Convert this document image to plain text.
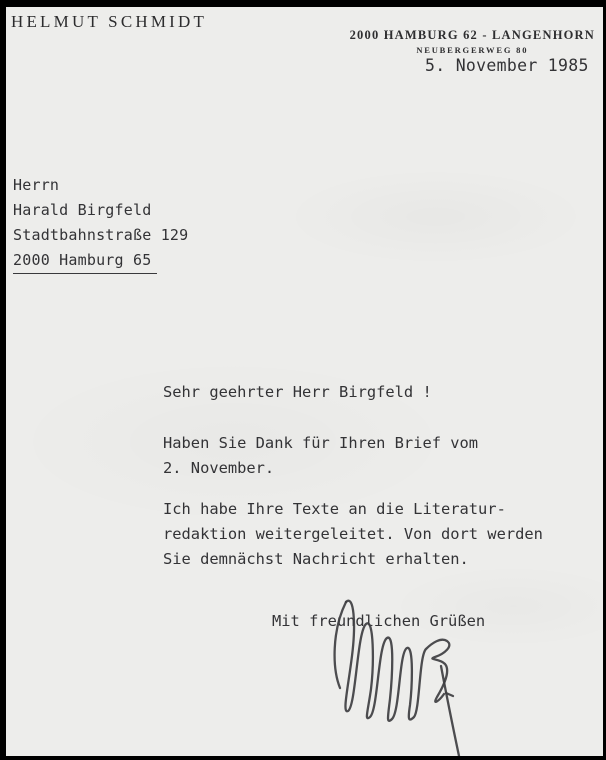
HELMUT SCHMIDT
2000 HAMBURG 62 - LANGENHORN
NEUBERGERWEG 80
5. November 1985
Herrn
Harald Birgfeld
Stadtbahnstraße 129
2000 Hamburg 65
Sehr geehrter Herr Birgfeld !
Haben Sie Dank für Ihren Brief vom
2. November.
Ich habe Ihre Texte an die Literatur-
redaktion weitergeleitet. Von dort werden
Sie demnächst Nachricht erhalten.
Mit freundlichen Grüßen
